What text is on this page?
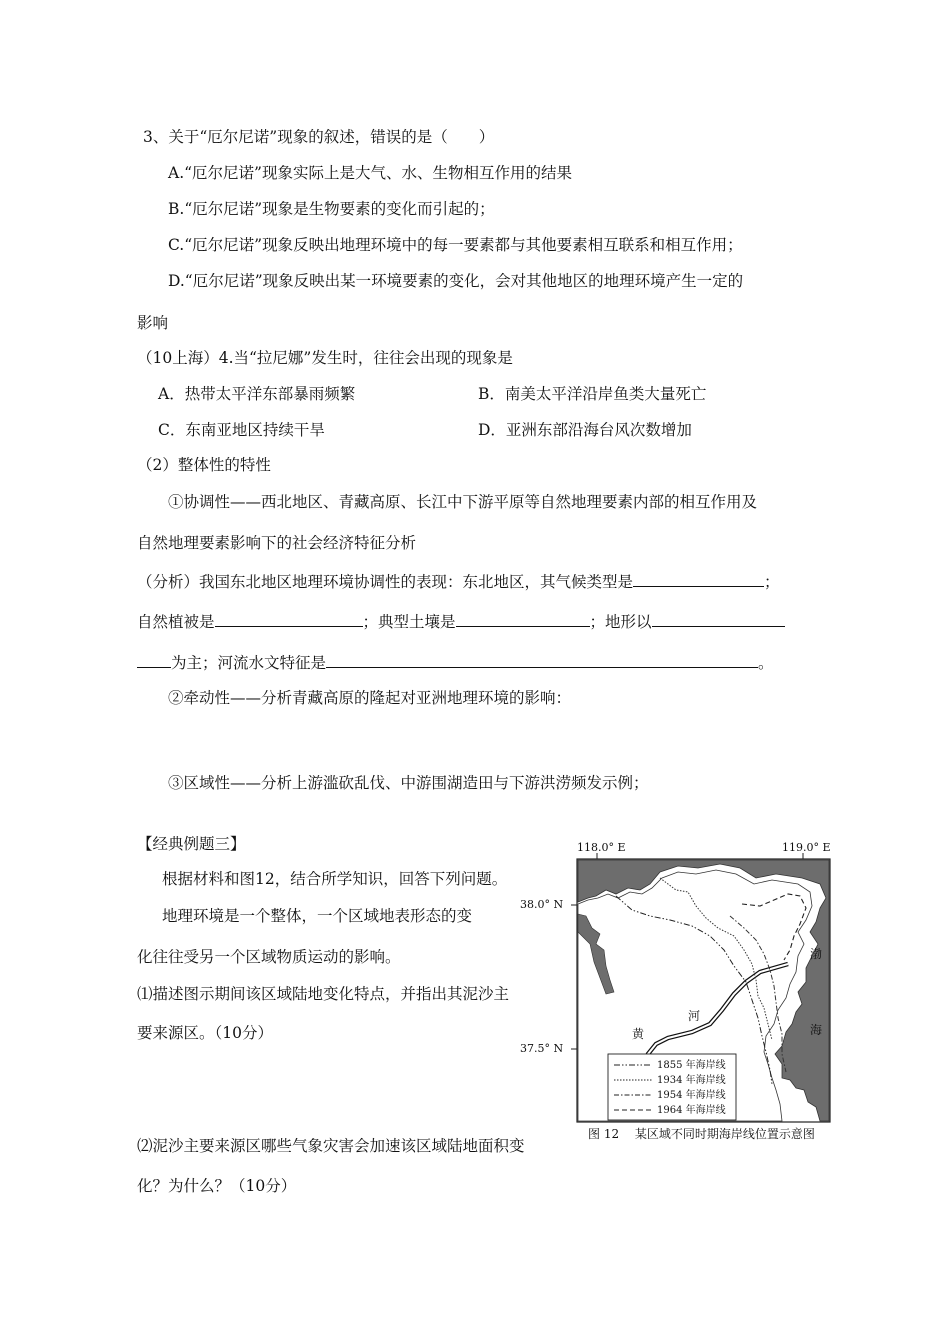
3、关于“厄尔尼诺”现象的叙述，错误的是（　　）
A.“厄尔尼诺”现象实际上是大气、水、生物相互作用的结果
B.“厄尔尼诺”现象是生物要素的变化而引起的；
C.“厄尔尼诺”现象反映出地理环境中的每一要素都与其他要素相互联系和相互作用；
D.“厄尔尼诺”现象反映出某一环境要素的变化，会对其他地区的地理环境产生一定的
影响
（10上海）4.当“拉尼娜”发生时，往往会出现的现象是
A．热带太平洋东部暴雨频繁	B．南美太平洋沿岸鱼类大量死亡
C．东南亚地区持续干旱	D．亚洲东部沿海台风次数增加
（2）整体性的特性
①协调性——西北地区、青藏高原、长江中下游平原等自然地理要素内部的相互作用及
自然地理要素影响下的社会经济特征分析
（分析）我国东北地区地理环境协调性的表现：东北地区，其气候类型是	；
自然植被是	；典型土壤是	；地形以
为主；河流水文特征是	。
②牵动性——分析青藏高原的隆起对亚洲地理环境的影响：
③区域性——分析上游滥砍乱伐、中游围湖造田与下游洪涝频发示例；
【经典例题三】
根据材料和图12，结合所学知识，回答下列问题。
地理环境是一个整体，一个区域地表形态的变
化往往受另一个区域物质运动的影响。
⑴描述图示期间该区域陆地变化特点，并指出其泥沙主
要来源区。（10分）
⑵泥沙主要来源区哪些气象灾害会加速该区域陆地面积变
化？为什么？（10分）
118.0° E	119.0° E
38.0° N
37.5° N
渤
海
河
黄
1855 年海岸线
1934 年海岸线
1954 年海岸线
1964 年海岸线
图 12　 某区域不同时期海岸线位置示意图
